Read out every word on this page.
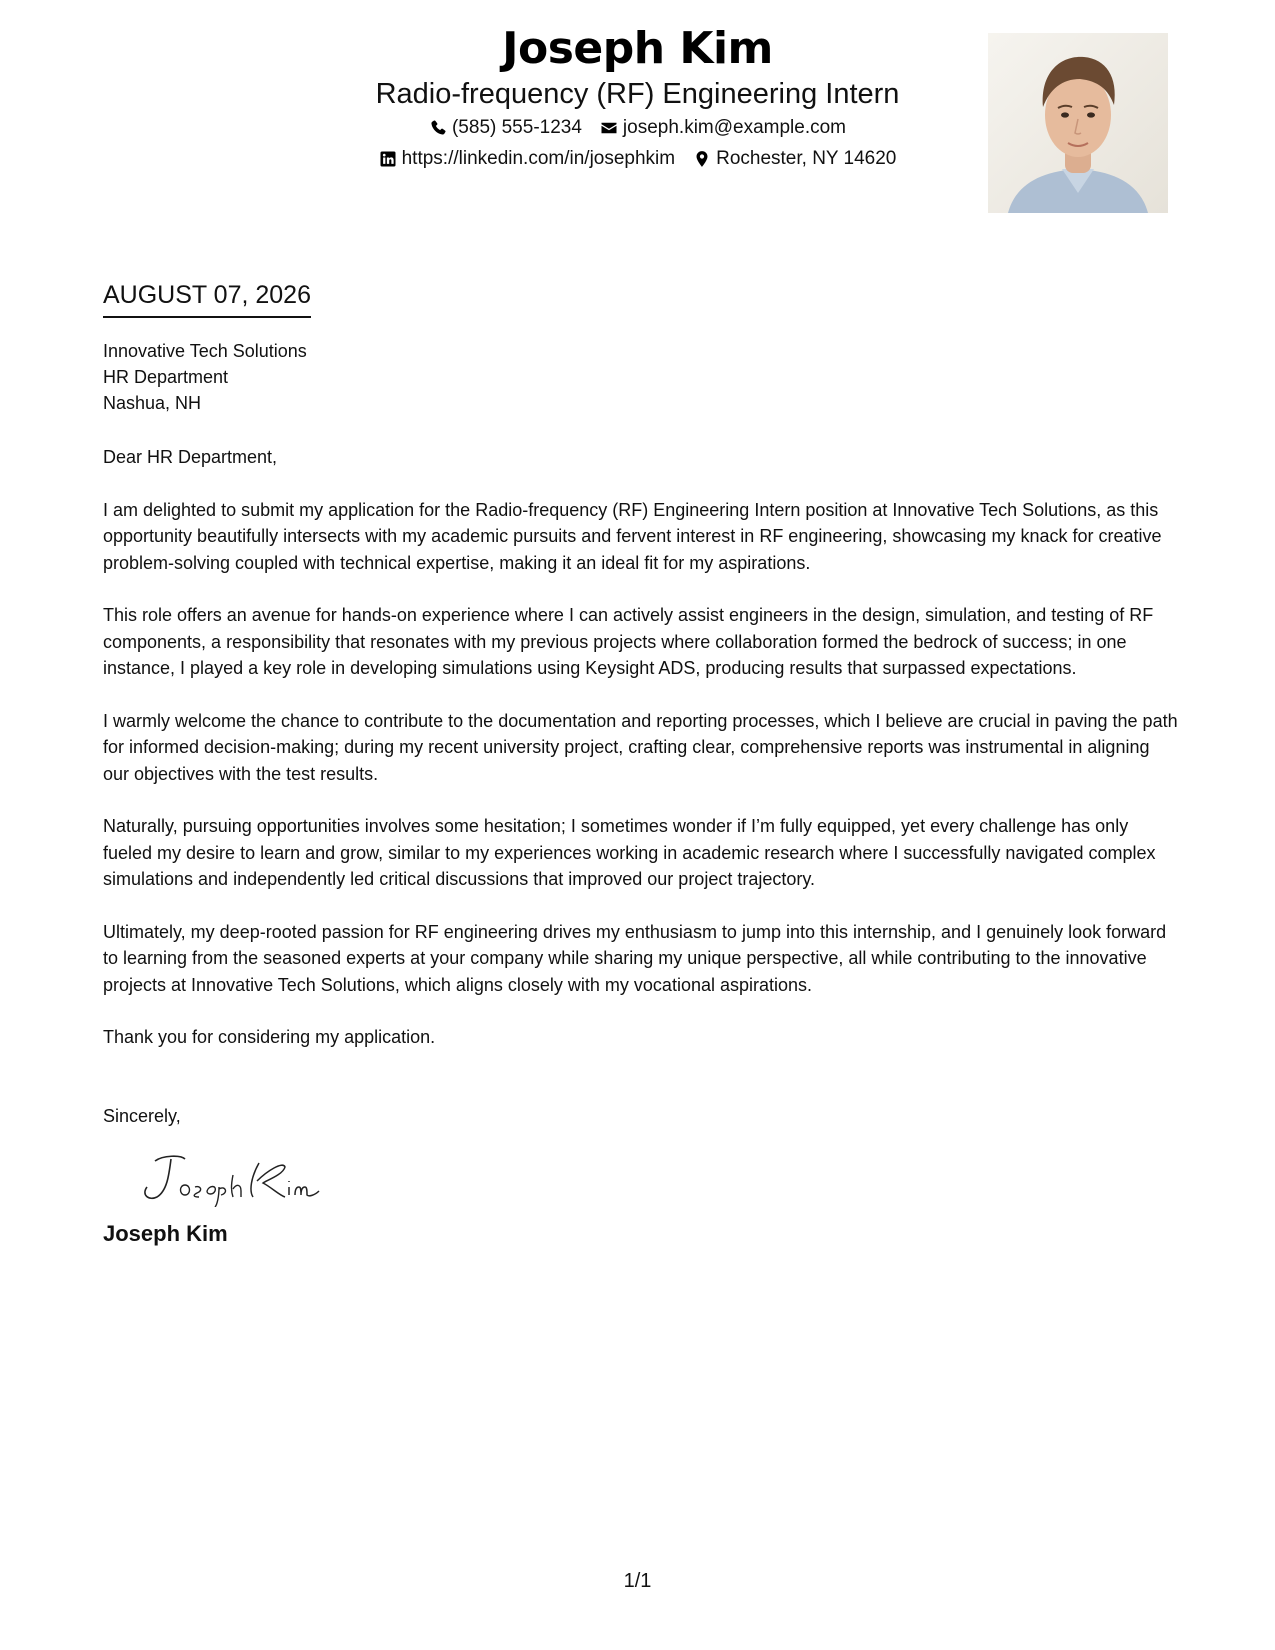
Joseph Kim
Radio-frequency (RF) Engineering Intern
(585) 555-1234 joseph.kim@example.com
https://linkedin.com/in/josephkim Rochester, NY 14620
AUGUST 07, 2026
Innovative Tech Solutions
HR Department
Nashua, NH
Dear HR Department,
I am delighted to submit my application for the Radio-frequency (RF) Engineering Intern position at Innovative Tech Solutions, as this opportunity beautifully intersects with my academic pursuits and fervent interest in RF engineering, showcasing my knack for creative problem-solving coupled with technical expertise, making it an ideal fit for my aspirations.
This role offers an avenue for hands-on experience where I can actively assist engineers in the design, simulation, and testing of RF components, a responsibility that resonates with my previous projects where collaboration formed the bedrock of success; in one instance, I played a key role in developing simulations using Keysight ADS, producing results that surpassed expectations.
I warmly welcome the chance to contribute to the documentation and reporting processes, which I believe are crucial in paving the path for informed decision-making; during my recent university project, crafting clear, comprehensive reports was instrumental in aligning our objectives with the test results.
Naturally, pursuing opportunities involves some hesitation; I sometimes wonder if I’m fully equipped, yet every challenge has only fueled my desire to learn and grow, similar to my experiences working in academic research where I successfully navigated complex simulations and independently led critical discussions that improved our project trajectory.
Ultimately, my deep-rooted passion for RF engineering drives my enthusiasm to jump into this internship, and I genuinely look forward to learning from the seasoned experts at your company while sharing my unique perspective, all while contributing to the innovative projects at Innovative Tech Solutions, which aligns closely with my vocational aspirations.
Thank you for considering my application.
Sincerely,
Joseph Kim
1/1
